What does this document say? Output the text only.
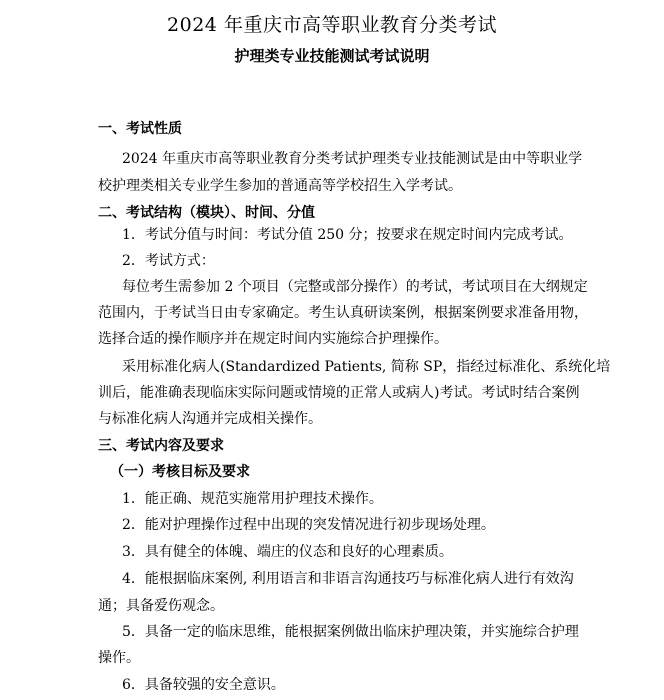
2024 年重庆市高等职业教育分类考试
护理类专业技能测试考试说明
一、考试性质
2024 年重庆市高等职业教育分类考试护理类专业技能测试是由中等职业学
校护理类相关专业学生参加的普通高等学校招生入学考试。
二、考试结构（模块）、时间、分值
1．考试分值与时间：考试分值 250 分；按要求在规定时间内完成考试。
2．考试方式：
每位考生需参加 2 个项目（完整或部分操作）的考试，考试项目在大纲规定
范围内，于考试当日由专家确定。考生认真研读案例，根据案例要求准备用物，
选择合适的操作顺序并在规定时间内实施综合护理操作。
采用标准化病人(Standardized Patients, 简称 SP，指经过标准化、系统化培
训后，能准确表现临床实际问题或情境的正常人或病人)考试。考试时结合案例
与标准化病人沟通并完成相关操作。
三、考试内容及要求
（一）考核目标及要求
1．能正确、规范实施常用护理技术操作。
2．能对护理操作过程中出现的突发情况进行初步现场处理。
3．具有健全的体魄、端庄的仪态和良好的心理素质。
4．能根据临床案例, 利用语言和非语言沟通技巧与标准化病人进行有效沟
通；具备爱伤观念。
5．具备一定的临床思维，能根据案例做出临床护理决策，并实施综合护理
操作。
6．具备较强的安全意识。
